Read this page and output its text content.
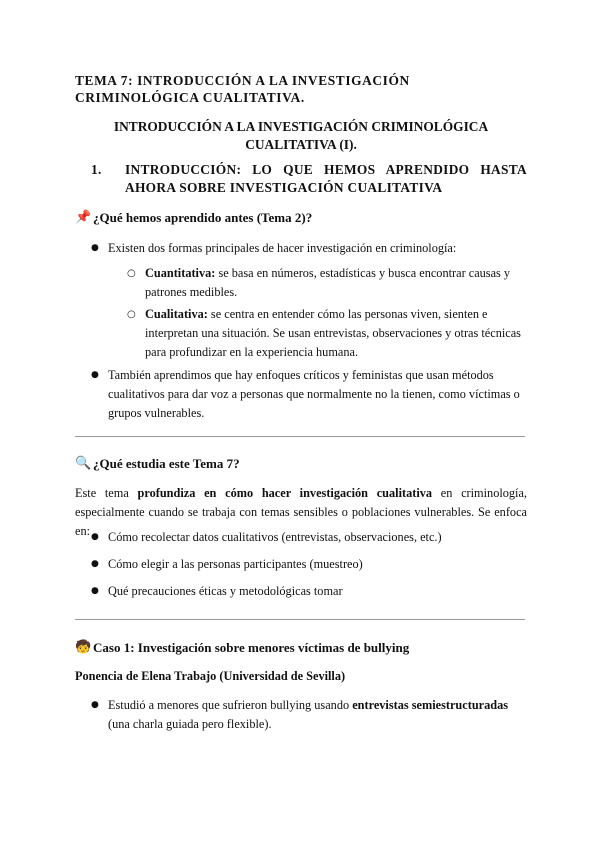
TEMA 7: INTRODUCCIÓN A LA INVESTIGACIÓN CRIMINOLÓGICA CUALITATIVA.
INTRODUCCIÓN A LA INVESTIGACIÓN CRIMINOLÓGICA CUALITATIVA (I).
1.	INTRODUCCIÓN: LO QUE HEMOS APRENDIDO HASTA AHORA SOBRE INVESTIGACIÓN CUALITATIVA
📌 ¿Qué hemos aprendido antes (Tema 2)?
● Existen dos formas principales de hacer investigación en criminología:
○ Cuantitativa: se basa en números, estadísticas y busca encontrar causas y patrones medibles.
○ Cualitativa: se centra en entender cómo las personas viven, sienten e interpretan una situación. Se usan entrevistas, observaciones y otras técnicas para profundizar en la experiencia humana.
● También aprendimos que hay enfoques críticos y feministas que usan métodos cualitativos para dar voz a personas que normalmente no la tienen, como víctimas o grupos vulnerables.
🔍 ¿Qué estudia este Tema 7?
Este tema profundiza en cómo hacer investigación cualitativa en criminología, especialmente cuando se trabaja con temas sensibles o poblaciones vulnerables. Se enfoca en: ● Cómo recolectar datos cualitativos (entrevistas, observaciones, etc.)
● Cómo elegir a las personas participantes (muestreo)
● Qué precauciones éticas y metodológicas tomar
🧒 Caso 1: Investigación sobre menores víctimas de bullying
Ponencia de Elena Trabajo (Universidad de Sevilla)
● Estudió a menores que sufrieron bullying usando entrevistas semiestructuradas (una charla guiada pero flexible).
